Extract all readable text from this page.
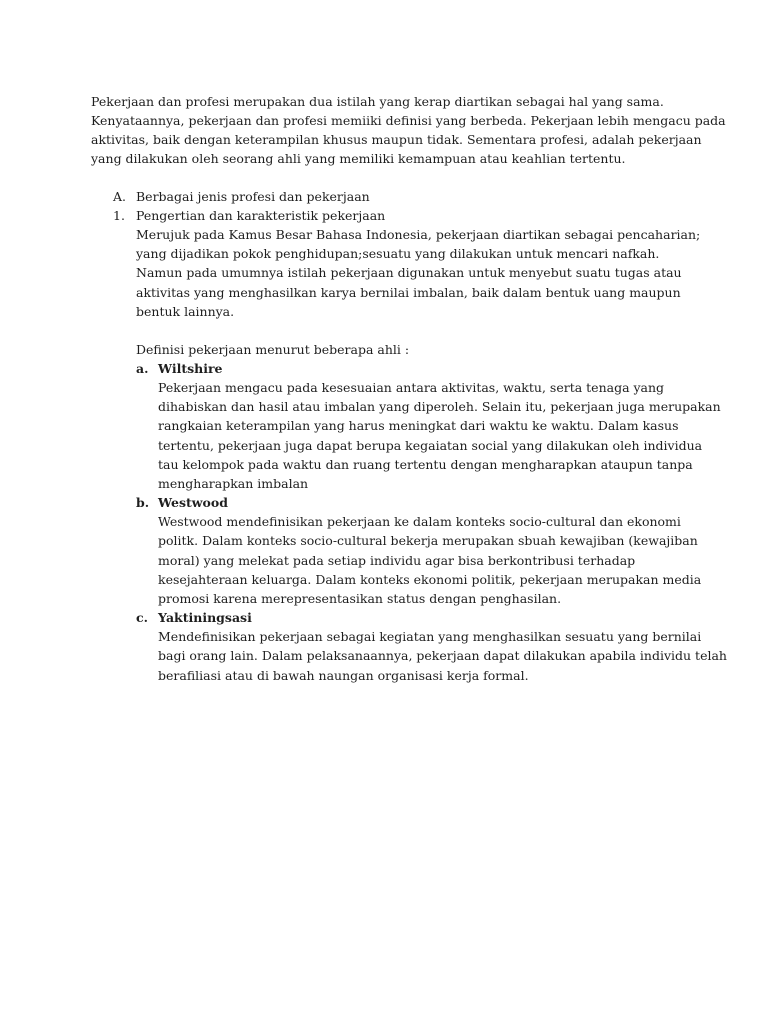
Pekerjaan dan profesi merupakan dua istilah yang kerap diartikan sebagai hal yang sama.
Kenyataannya, pekerjaan dan profesi memiiki definisi yang berbeda. Pekerjaan lebih mengacu pada
aktivitas, baik dengan keterampilan khusus maupun tidak. Sementara profesi, adalah pekerjaan
yang dilakukan oleh seorang ahli yang memiliki kemampuan atau keahlian tertentu.
A. Berbagai jenis profesi dan pekerjaan
1. Pengertian dan karakteristik pekerjaan
Merujuk pada Kamus Besar Bahasa Indonesia, pekerjaan diartikan sebagai pencaharian;
yang dijadikan pokok penghidupan;sesuatu yang dilakukan untuk mencari nafkah.
Namun pada umumnya istilah pekerjaan digunakan untuk menyebut suatu tugas atau
aktivitas yang menghasilkan karya bernilai imbalan, baik dalam bentuk uang maupun
bentuk lainnya.
Definisi pekerjaan menurut beberapa ahli :
a. Wiltshire
Pekerjaan mengacu pada kesesuaian antara aktivitas, waktu, serta tenaga yang
dihabiskan dan hasil atau imbalan yang diperoleh. Selain itu, pekerjaan juga merupakan
rangkaian keterampilan yang harus meningkat dari waktu ke waktu. Dalam kasus
tertentu, pekerjaan juga dapat berupa kegaiatan social yang dilakukan oleh individua
tau kelompok pada waktu dan ruang tertentu dengan mengharapkan ataupun tanpa
mengharapkan imbalan
b. Westwood
Westwood mendefinisikan pekerjaan ke dalam konteks socio-cultural dan ekonomi
politk. Dalam konteks socio-cultural bekerja merupakan sbuah kewajiban (kewajiban
moral) yang melekat pada setiap individu agar bisa berkontribusi terhadap
kesejahteraan keluarga. Dalam konteks ekonomi politik, pekerjaan merupakan media
promosi karena merepresentasikan status dengan penghasilan.
c. Yaktiningsasi
Mendefinisikan pekerjaan sebagai kegiatan yang menghasilkan sesuatu yang bernilai
bagi orang lain. Dalam pelaksanaannya, pekerjaan dapat dilakukan apabila individu telah
berafiliasi atau di bawah naungan organisasi kerja formal.
